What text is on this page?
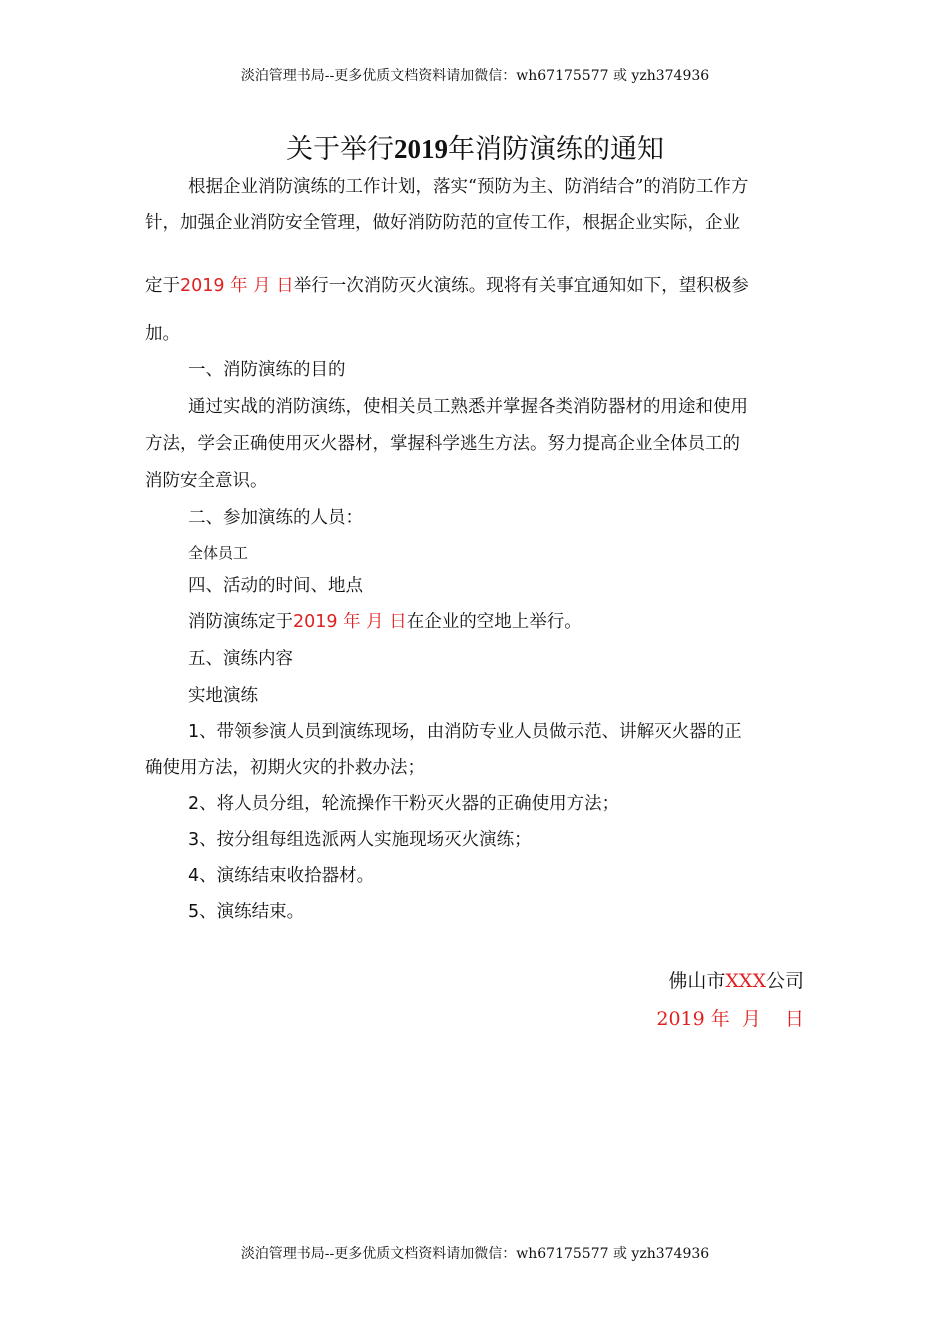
淡泊管理书局--更多优质文档资料请加微信：wh67175577 或 yzh374936
关于举行2019年消防演练的通知
根据企业消防演练的工作计划，落实“预防为主、防消结合”的消防工作方
针，加强企业消防安全管理，做好消防防范的宣传工作，根据企业实际，企业
定于2019 年 月 日举行一次消防灭火演练。现将有关事宜通知如下，望积极参
加。
一、消防演练的目的
通过实战的消防演练，使相关员工熟悉并掌握各类消防器材的用途和使用
方法，学会正确使用灭火器材，掌握科学逃生方法。努力提高企业全体员工的
消防安全意识。
二、参加演练的人员：
全体员工
四、活动的时间、地点
消防演练定于2019 年 月 日在企业的空地上举行。
五、演练内容
实地演练
1、带领参演人员到演练现场，由消防专业人员做示范、讲解灭火器的正
确使用方法，初期火灾的扑救办法；
2、将人员分组，轮流操作干粉灭火器的正确使用方法；
3、按分组每组选派两人实施现场灭火演练；
4、演练结束收拾器材。
5、演练结束。
佛山市XXX公司
2019 年  月    日
淡泊管理书局--更多优质文档资料请加微信：wh67175577 或 yzh374936
